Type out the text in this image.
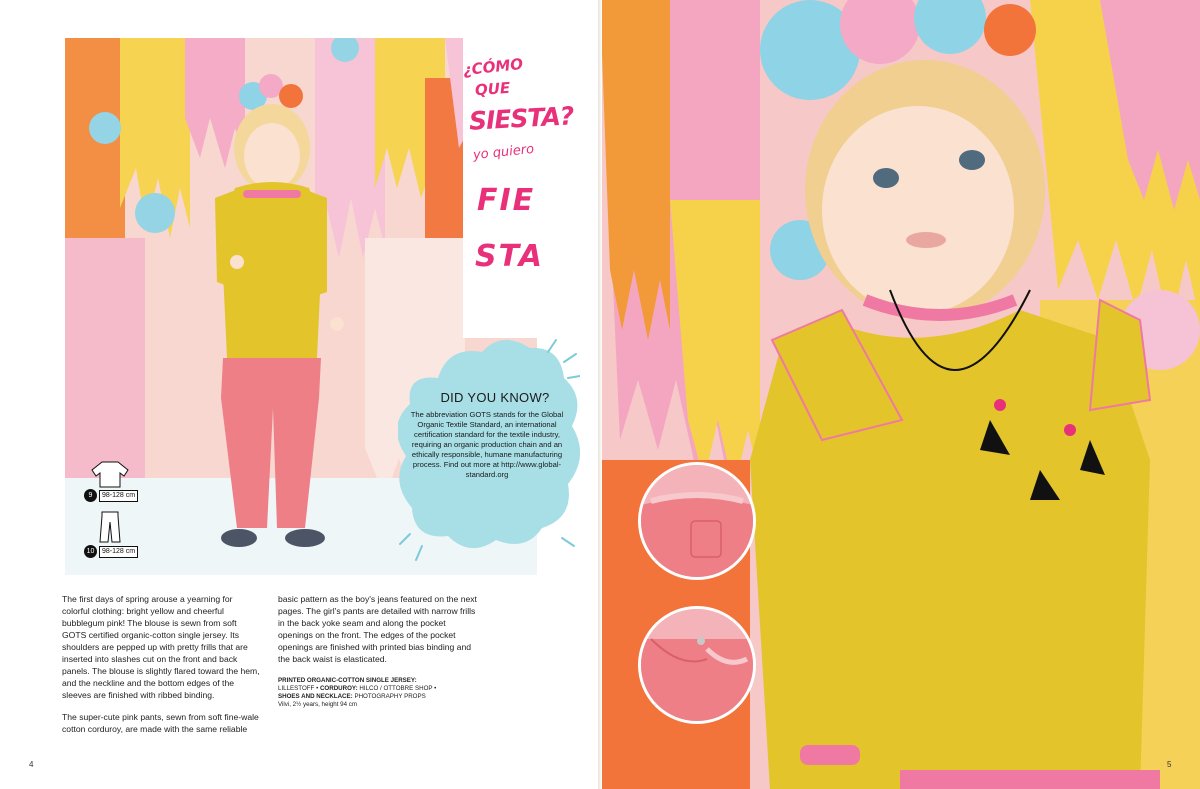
¿CÓMO
QUE
SIESTA?
yo quiero
FIE
STA
DID YOU KNOW?
The abbreviation GOTS stands for the Global Organic Textile Standard, an international certification standard for the textile industry, requiring an organic production chain and an ethically responsible, humane manufacturing process. Find out more at http://www.global-standard.org
9	98-128 cm
10	98-128 cm

The first days of spring arouse a yearning for colorful clothing: bright yellow and cheerful bubblegum pink! The blouse is sewn from soft GOTS certified organic-cotton single jersey. Its shoulders are pepped up with pretty frills that are inserted into slashes cut on the front and back panels. The blouse is slightly flared toward the hem, and the neckline and the bottom edges of the sleeves are finished with ribbed binding.

The super-cute pink pants, sewn from soft fine-wale cotton corduroy, are made with the same reliable

basic pattern as the boy's jeans featured on the next pages. The girl's pants are detailed with narrow frills in the back yoke seam and along the pocket openings on the front. The edges of the pocket openings are finished with printed bias binding and the back waist is elasticated.

PRINTED ORGANIC-COTTON SINGLE JERSEY:
LILLESTOFF • CORDUROY: HILCO / OTTOBRE SHOP •
SHOES AND NECKLACE: PHOTOGRAPHY PROPS
Vilvi, 2½ years, height 94 cm
4	5
